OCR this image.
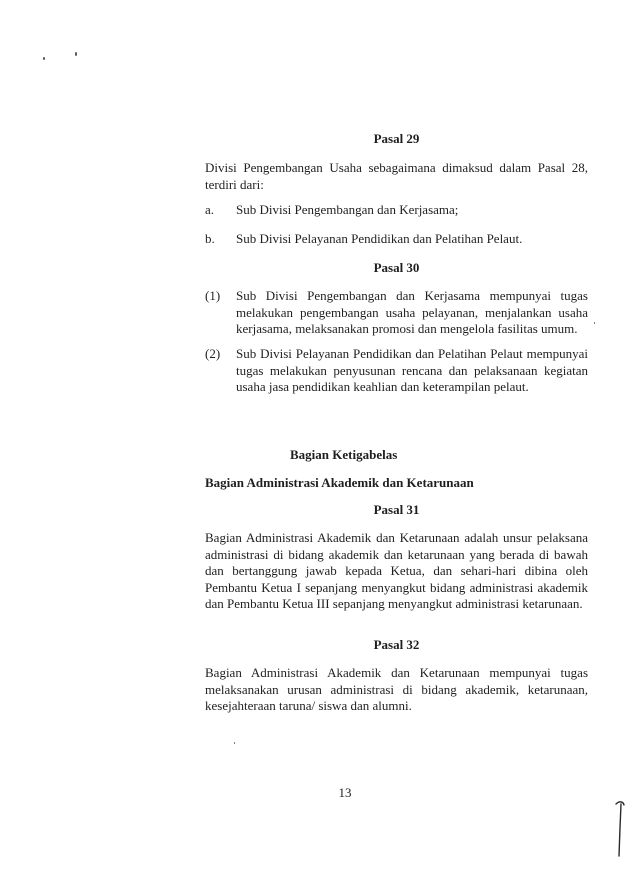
Pasal 29
Divisi Pengembangan Usaha sebagaimana dimaksud dalam Pasal 28, terdiri dari:
a. Sub Divisi Pengembangan dan Kerjasama;
b. Sub Divisi Pelayanan Pendidikan dan Pelatihan Pelaut.
Pasal 30
(1) Sub Divisi Pengembangan dan Kerjasama mempunyai tugas melakukan pengembangan usaha pelayanan, menjalankan usaha kerjasama, melaksanakan promosi dan mengelola fasilitas umum.
(2) Sub Divisi Pelayanan Pendidikan dan Pelatihan Pelaut mempunyai tugas melakukan penyusunan rencana dan pelaksanaan kegiatan usaha jasa pendidikan keahlian dan keterampilan pelaut.
Bagian Ketigabelas
Bagian Administrasi Akademik dan Ketarunaan
Pasal 31
Bagian Administrasi Akademik dan Ketarunaan adalah unsur pelaksana administrasi di bidang akademik dan ketarunaan yang berada di bawah dan bertanggung jawab kepada Ketua, dan sehari-hari dibina oleh Pembantu Ketua I sepanjang menyangkut bidang administrasi akademik dan Pembantu Ketua III sepanjang menyangkut administrasi ketarunaan.
Pasal 32
Bagian Administrasi Akademik dan Ketarunaan mempunyai tugas melaksanakan urusan administrasi di bidang akademik, ketarunaan, kesejahteraan taruna/ siswa dan alumni.
13
